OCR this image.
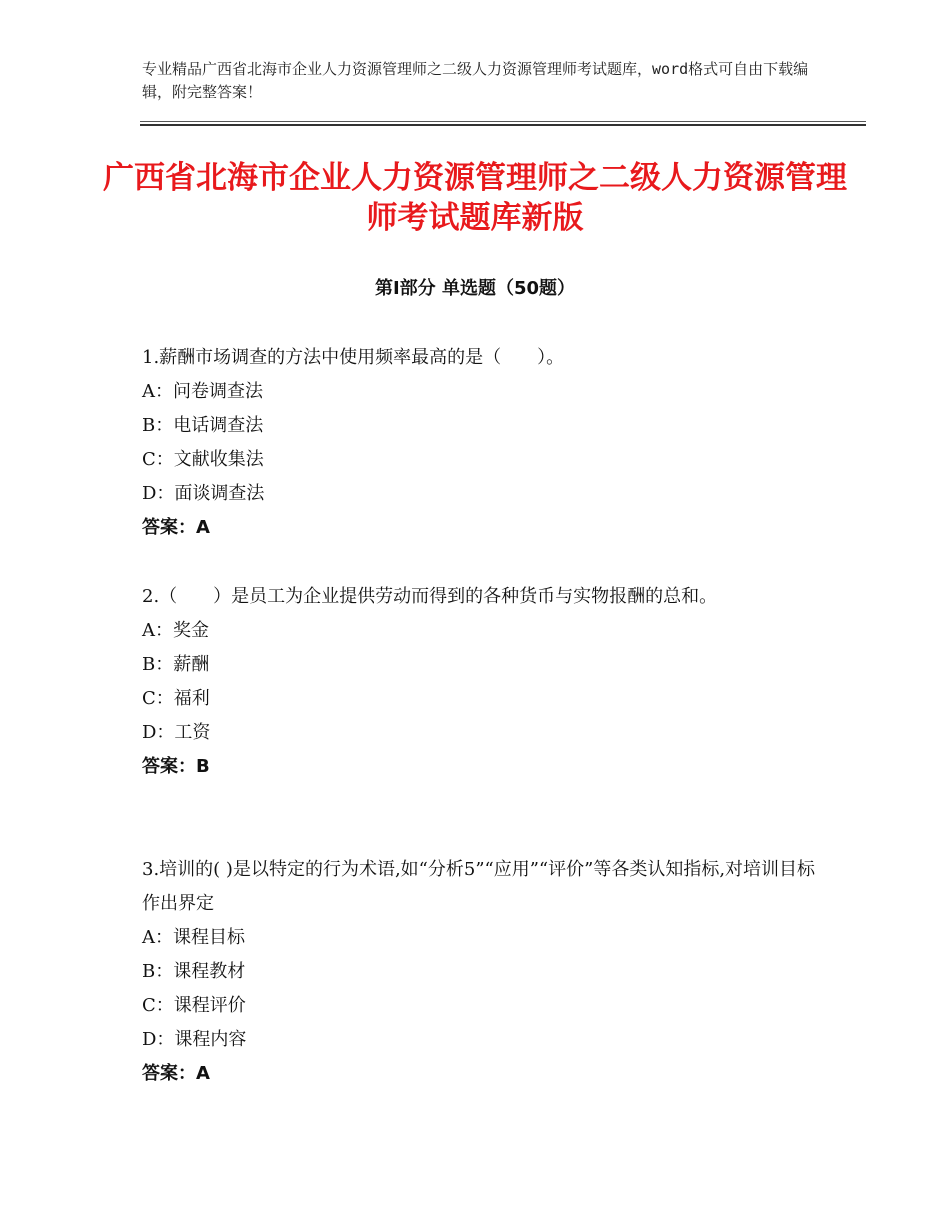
专业精品广西省北海市企业人力资源管理师之二级人力资源管理师考试题库，word格式可自由下载编辑，附完整答案！
广西省北海市企业人力资源管理师之二级人力资源管理师考试题库新版
第Ⅰ部分 单选题（50题）

1.薪酬市场调查的方法中使用频率最高的是（　　）。

A：问卷调查法

B：电话调查法

C：文献收集法

D：面谈调查法

答案：A

2.（　　）是员工为企业提供劳动而得到的各种货币与实物报酬的总和。

A：奖金

B：薪酬

C：福利

D：工资

答案：B

3.培训的( )是以特定的行为术语,如“分析5”“应用”“评价”等各类认知指标,对培训目标作出界定

A：课程目标

B：课程教材

C：课程评价

D：课程内容

答案：A
